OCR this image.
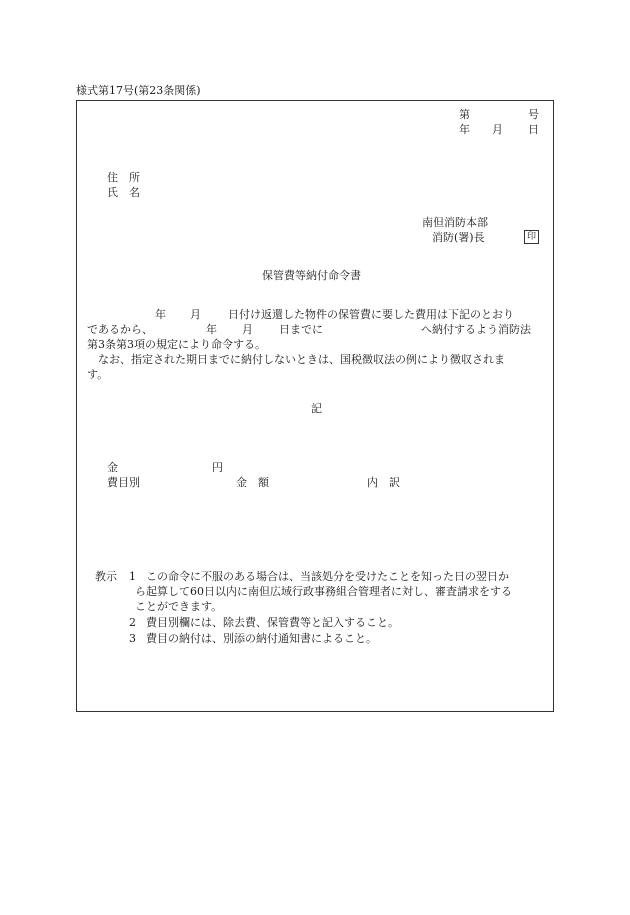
様式第17号(第23条関係)
第	号
年 月 日
住　所
氏　名
南但消防本部
消防(署)長	印
保管費等納付命令書
年 月 日付け返還した物件の保管費に要した費用は下記のとおり
であるから、	年 月 日までに	へ納付するよう消防法
第3条第3項の規定により命令する。
なお、指定された期日までに納付しないときは、国税徴収法の例により徴収されま
す。
記
金	円
費目別	金　額	内　訳
教示 1 この命令に不服のある場合は、当該処分を受けたことを知った日の翌日か
ら起算して60日以内に南但広域行政事務組合管理者に対し、審査請求をする
ことができます。
2 費目別欄には、除去費、保管費等と記入すること。
3 費目の納付は、別添の納付通知書によること。
